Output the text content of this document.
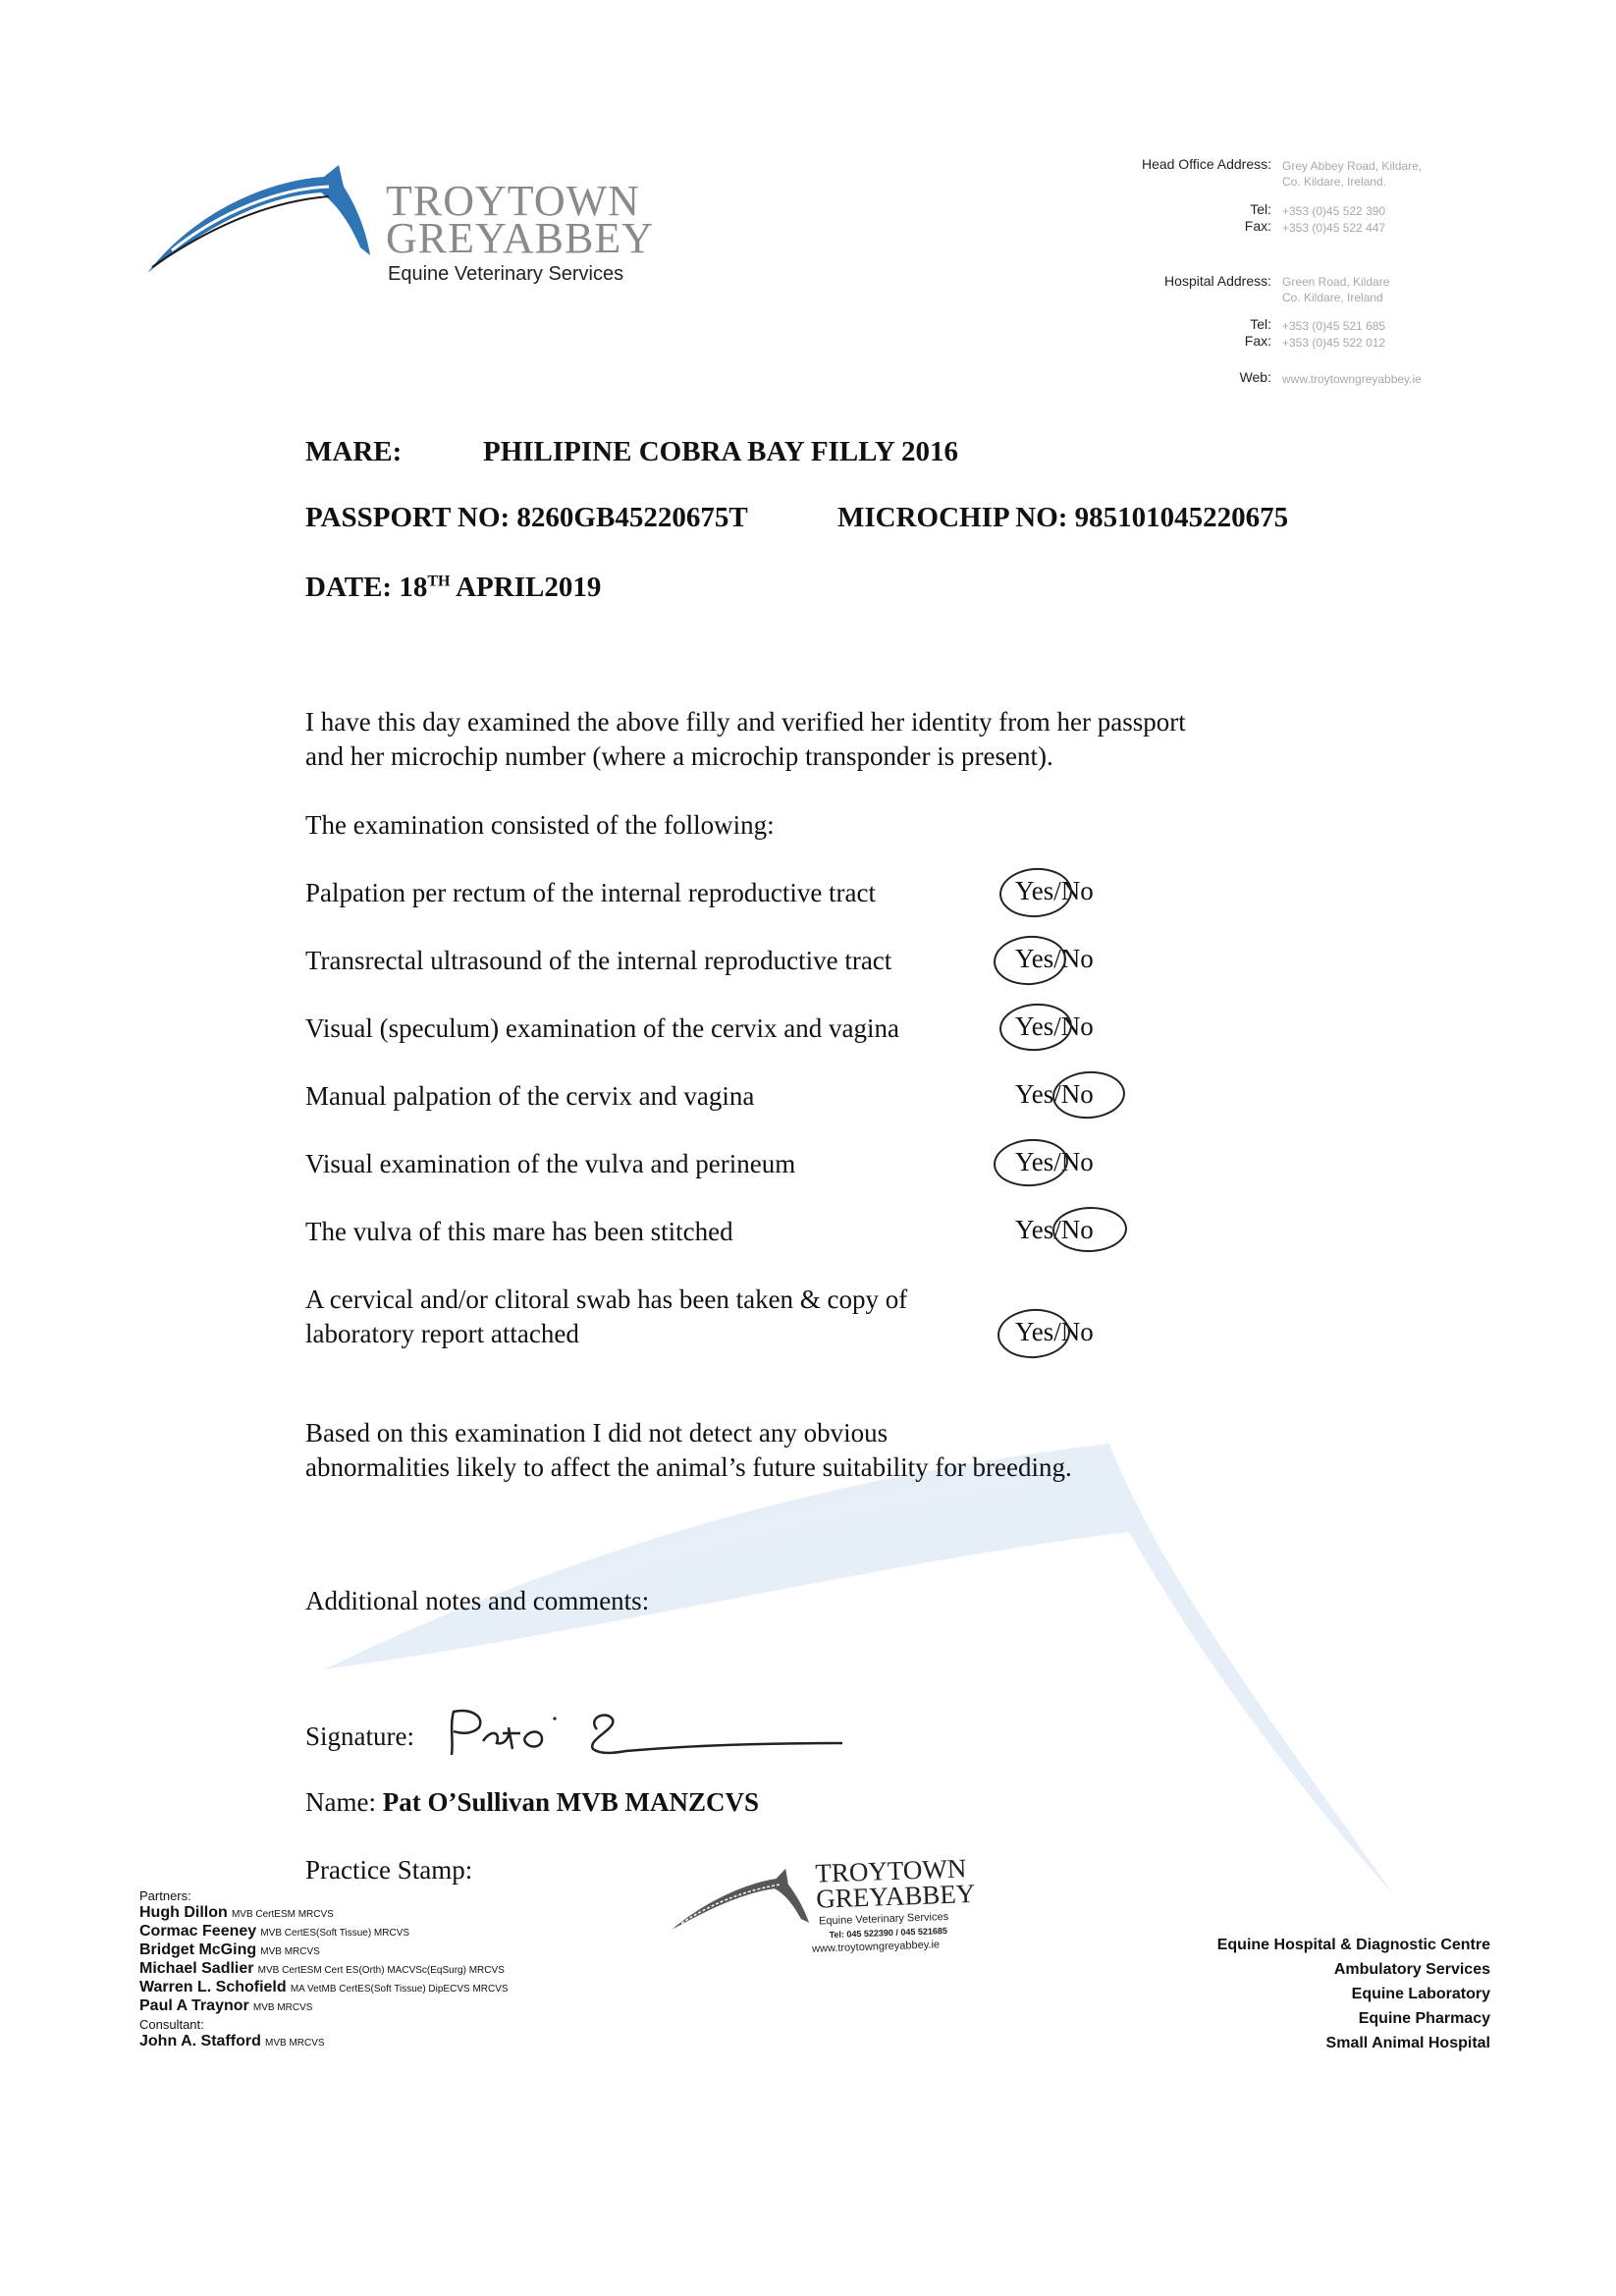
TROYTOWN
GREYABBEY
Equine Veterinary Services
Head Office Address: Grey Abbey Road, Kildare,
Co. Kildare, Ireland.
Tel: +353 (0)45 522 390
Fax: +353 (0)45 522 447
Hospital Address: Green Road, Kildare
Co. Kildare, Ireland
Tel: +353 (0)45 521 685
Fax: +353 (0)45 522 012
Web: www.troytowngreyabbey.ie
MARE:	PHILIPINE COBRA BAY FILLY 2016
PASSPORT NO: 8260GB45220675T	MICROCHIP NO: 985101045220675
DATE: 18TH APRIL2019
I have this day examined the above filly and verified her identity from her passport
and her microchip number (where a microchip transponder is present).
The examination consisted of the following:
Palpation per rectum of the internal reproductive tract	Yes/No
Transrectal ultrasound of the internal reproductive tract	Yes/No
Visual (speculum) examination of the cervix and vagina	Yes/No
Manual palpation of the cervix and vagina	Yes/No
Visual examination of the vulva and perineum	Yes/No
The vulva of this mare has been stitched	Yes/No
A cervical and/or clitoral swab has been taken & copy of
laboratory report attached	Yes/No
Based on this examination I did not detect any obvious
abnormalities likely to affect the animal’s future suitability for breeding.
Additional notes and comments:
Signature:
Name: Pat O’Sullivan MVB MANZCVS
Practice Stamp:	TROYTOWN
GREYABBEY
Equine Veterinary Services
Tel: 045 522390 / 045 521685
www.troytowngreyabbey.ie
Partners:
Hugh Dillon MVB CertESM MRCVS
Cormac Feeney MVB CertES(Soft Tissue) MRCVS
Bridget McGing MVB MRCVS
Michael Sadlier MVB CertESM Cert ES(Orth) MACVSc(EqSurg) MRCVS
Warren L. Schofield MA VetMB CertES(Soft Tissue) DipECVS MRCVS
Paul A Traynor MVB MRCVS
Consultant:
John A. Stafford MVB MRCVS
Equine Hospital & Diagnostic Centre
Ambulatory Services
Equine Laboratory
Equine Pharmacy
Small Animal Hospital
